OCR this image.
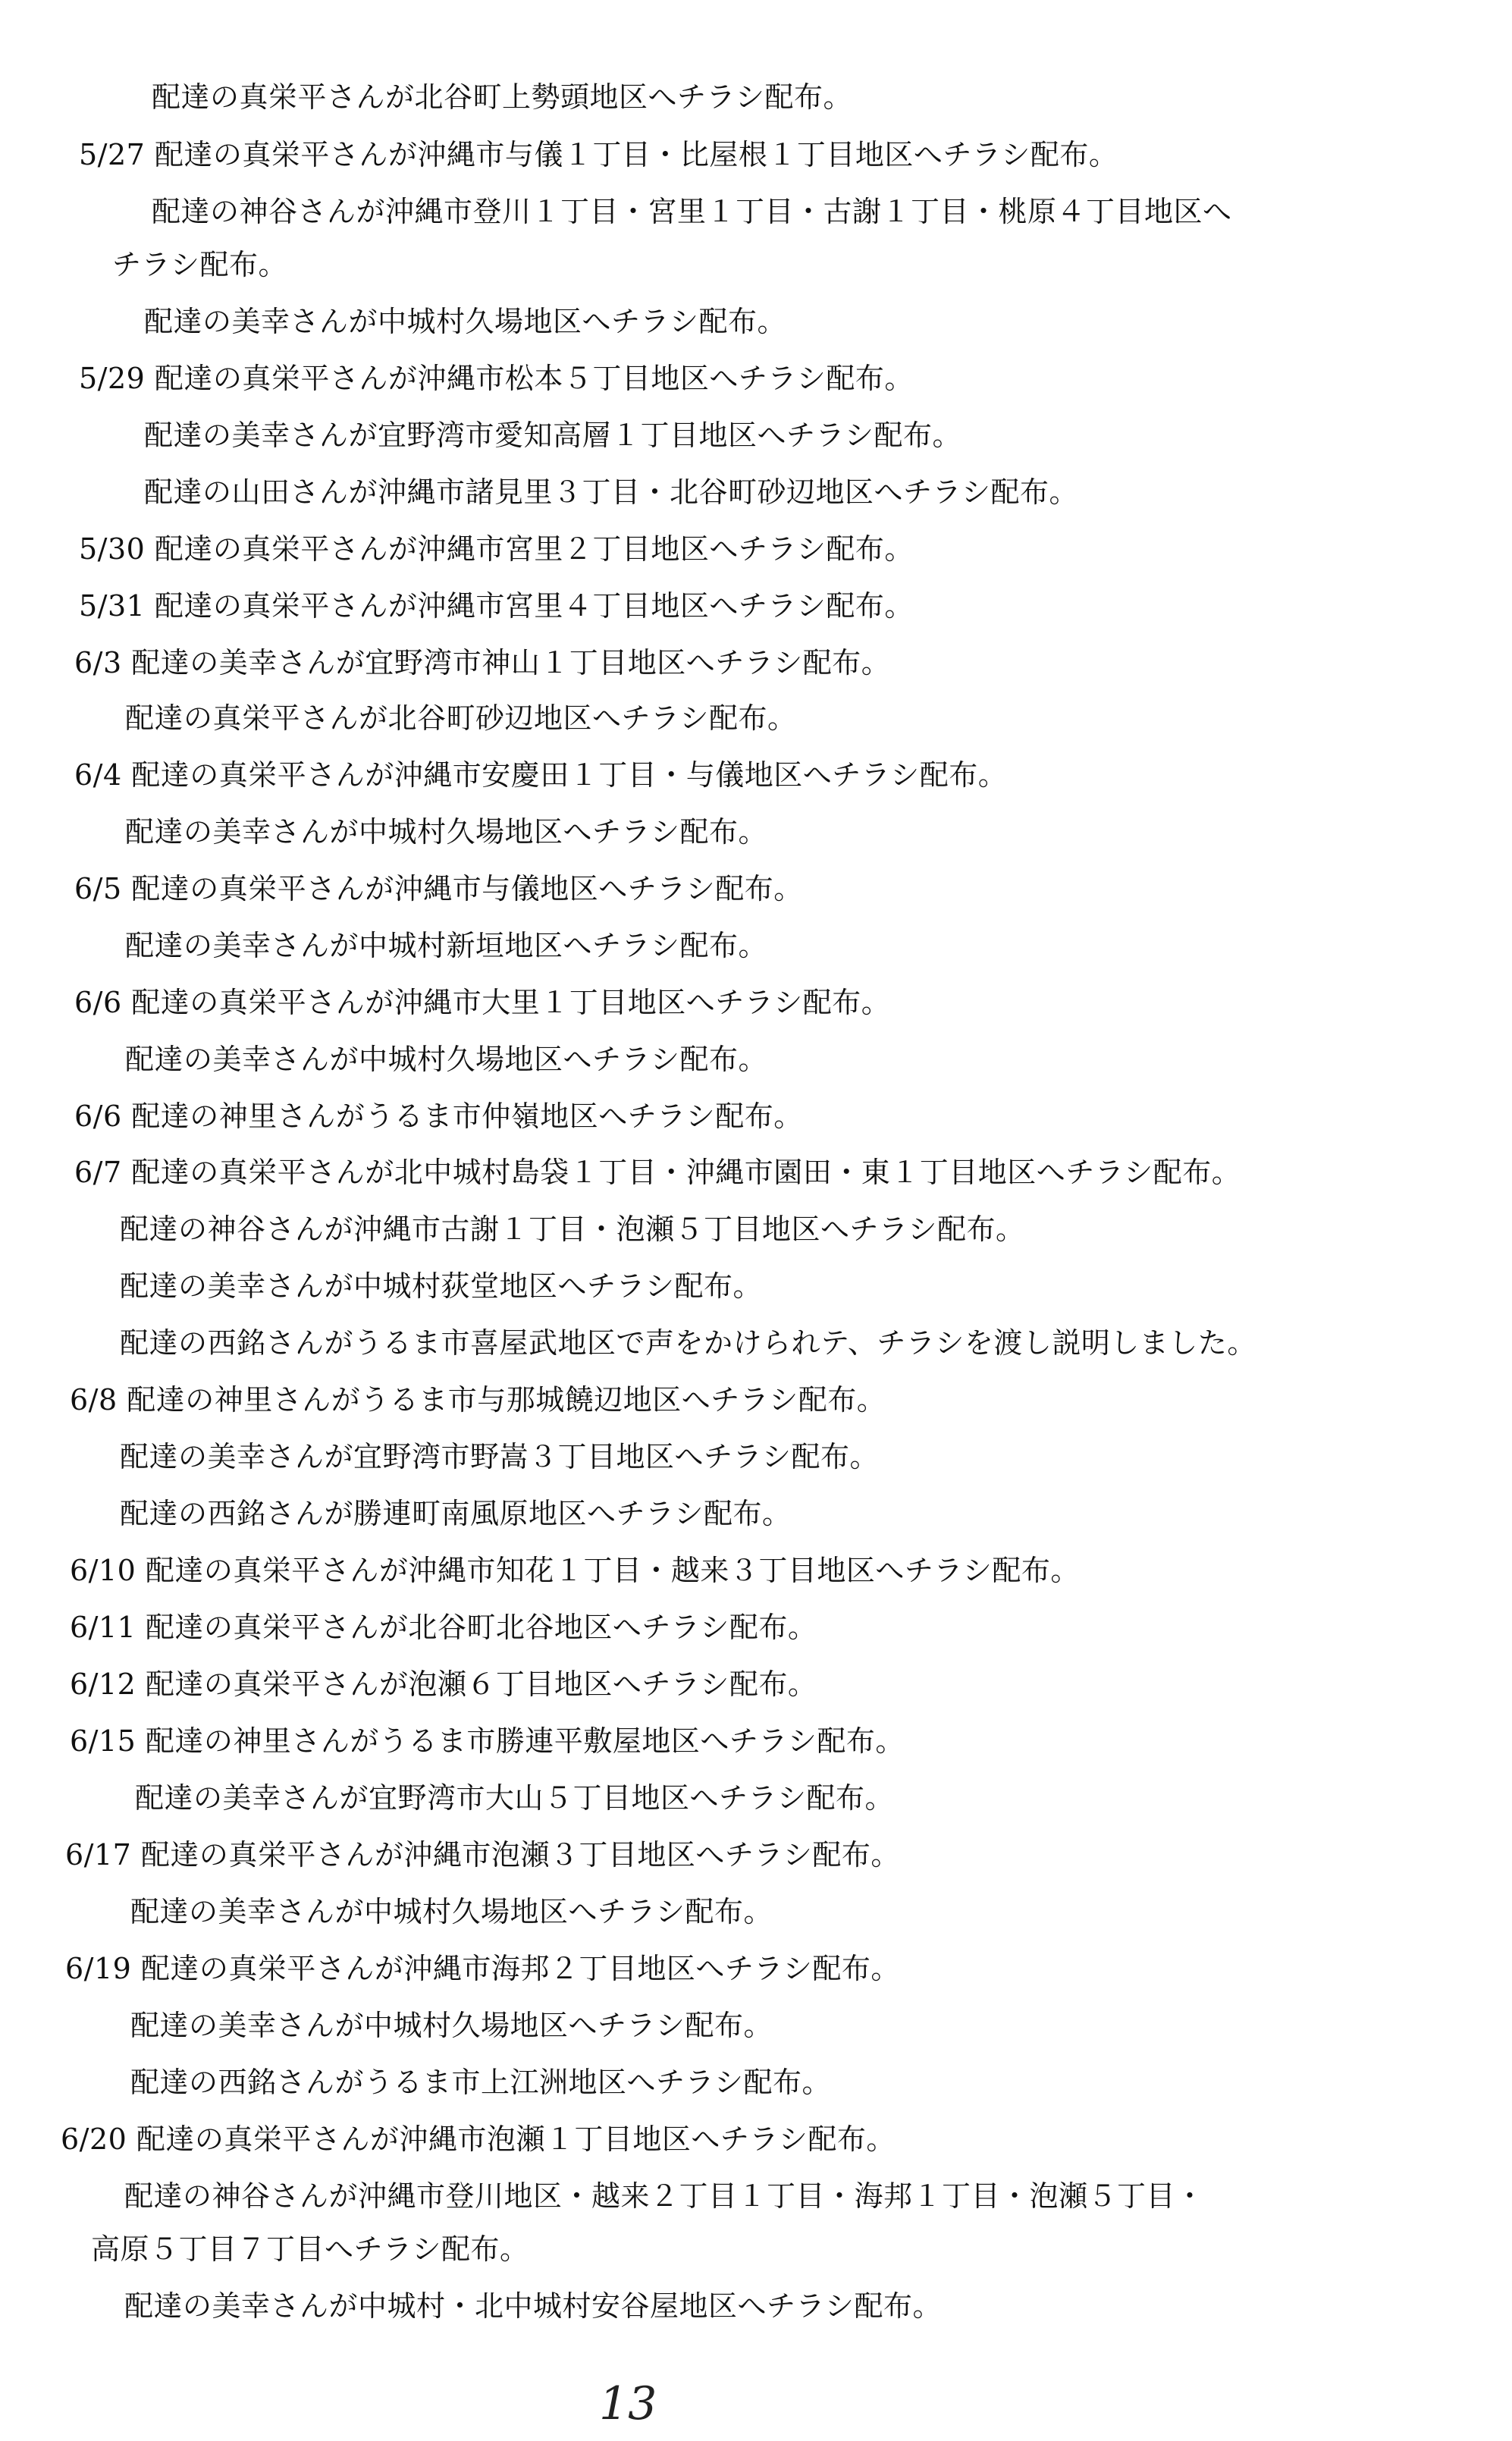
配達の真栄平さんが北谷町上勢頭地区へチラシ配布。
5/27 配達の真栄平さんが沖縄市与儀１丁目・比屋根１丁目地区へチラシ配布。
配達の神谷さんが沖縄市登川１丁目・宮里１丁目・古謝１丁目・桃原４丁目地区へ
チラシ配布。
配達の美幸さんが中城村久場地区へチラシ配布。
5/29 配達の真栄平さんが沖縄市松本５丁目地区へチラシ配布。
配達の美幸さんが宜野湾市愛知高層１丁目地区へチラシ配布。
配達の山田さんが沖縄市諸見里３丁目・北谷町砂辺地区へチラシ配布。
5/30 配達の真栄平さんが沖縄市宮里２丁目地区へチラシ配布。
5/31 配達の真栄平さんが沖縄市宮里４丁目地区へチラシ配布。
6/3 配達の美幸さんが宜野湾市神山１丁目地区へチラシ配布。
配達の真栄平さんが北谷町砂辺地区へチラシ配布。
6/4 配達の真栄平さんが沖縄市安慶田１丁目・与儀地区へチラシ配布。
配達の美幸さんが中城村久場地区へチラシ配布。
6/5 配達の真栄平さんが沖縄市与儀地区へチラシ配布。
配達の美幸さんが中城村新垣地区へチラシ配布。
6/6 配達の真栄平さんが沖縄市大里１丁目地区へチラシ配布。
配達の美幸さんが中城村久場地区へチラシ配布。
6/6 配達の神里さんがうるま市仲嶺地区へチラシ配布。
6/7 配達の真栄平さんが北中城村島袋１丁目・沖縄市園田・東１丁目地区へチラシ配布。
配達の神谷さんが沖縄市古謝１丁目・泡瀬５丁目地区へチラシ配布。
配達の美幸さんが中城村荻堂地区へチラシ配布。
配達の西銘さんがうるま市喜屋武地区で声をかけられテ、チラシを渡し説明しました。
6/8 配達の神里さんがうるま市与那城饒辺地区へチラシ配布。
配達の美幸さんが宜野湾市野嵩３丁目地区へチラシ配布。
配達の西銘さんが勝連町南風原地区へチラシ配布。
6/10 配達の真栄平さんが沖縄市知花１丁目・越来３丁目地区へチラシ配布。
6/11 配達の真栄平さんが北谷町北谷地区へチラシ配布。
6/12 配達の真栄平さんが泡瀬６丁目地区へチラシ配布。
6/15 配達の神里さんがうるま市勝連平敷屋地区へチラシ配布。
配達の美幸さんが宜野湾市大山５丁目地区へチラシ配布。
6/17 配達の真栄平さんが沖縄市泡瀬３丁目地区へチラシ配布。
配達の美幸さんが中城村久場地区へチラシ配布。
6/19 配達の真栄平さんが沖縄市海邦２丁目地区へチラシ配布。
配達の美幸さんが中城村久場地区へチラシ配布。
配達の西銘さんがうるま市上江洲地区へチラシ配布。
6/20 配達の真栄平さんが沖縄市泡瀬１丁目地区へチラシ配布。
配達の神谷さんが沖縄市登川地区・越来２丁目１丁目・海邦１丁目・泡瀬５丁目・
高原５丁目７丁目へチラシ配布。
配達の美幸さんが中城村・北中城村安谷屋地区へチラシ配布。
13
